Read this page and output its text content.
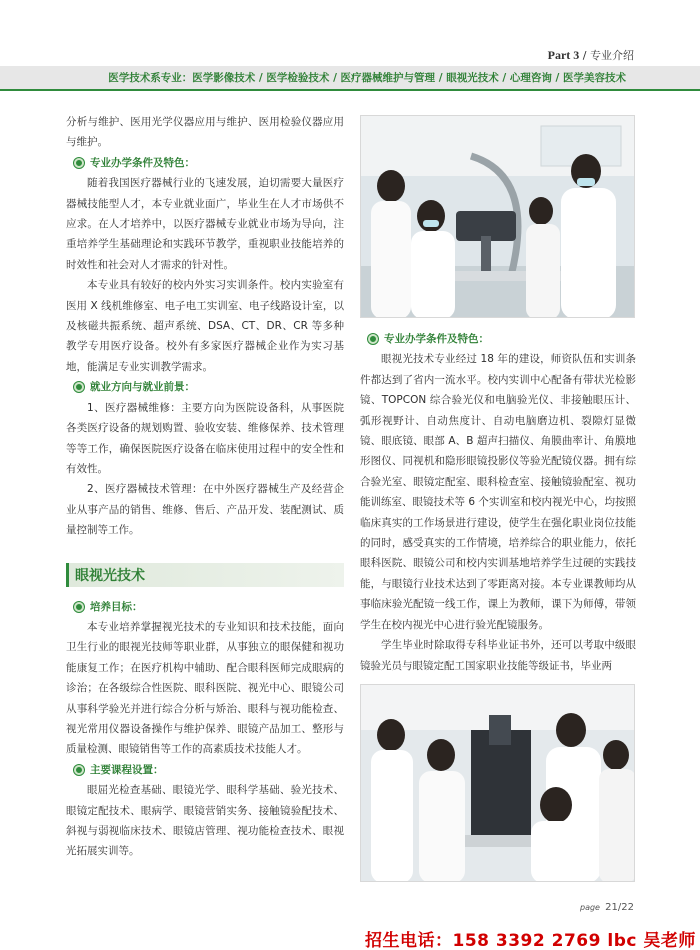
Part 3 / 专业介绍
医学技术系专业：医学影像技术 / 医学检验技术 / 医疗器械维护与管理 / 眼视光技术 / 心理咨询 / 医学美容技术

分析与维护、医用光学仪器应用与维护、医用检验仪器应用与维护。

专业办学条件及特色：

随着我国医疗器械行业的飞速发展，迫切需要大量医疗器械技能型人才，本专业就业面广，毕业生在人才市场供不应求。在人才培养中，以医疗器械专业就业市场为导向，注重培养学生基础理论和实践环节教学，重视职业技能培养的时效性和社会对人才需求的针对性。

本专业具有较好的校内外实习实训条件。校内实验室有医用 X 线机维修室、电子电工实训室、电子线路设计室，以及核磁共振系统、超声系统、DSA、CT、DR、CR 等多种教学专用医疗设备。校外有多家医疗器械企业作为实习基地，能满足专业实训教学需求。

就业方向与就业前景：

1、医疗器械维修：主要方向为医院设备科，从事医院各类医疗设备的规划购置、验收安装、维修保养、技术管理等等工作，确保医院医疗设备在临床使用过程中的安全性和有效性。

2、医疗器械技术管理：在中外医疗器械生产及经营企业从事产品的销售、维修、售后、产品开发、装配测试、质量控制等工作。

眼视光技术
培养目标：

本专业培养掌握视光技术的专业知识和技术技能，面向卫生行业的眼视光技师等职业群，从事独立的眼保健和视功能康复工作；在医疗机构中辅助、配合眼科医师完成眼病的诊治；在各级综合性医院、眼科医院、视光中心、眼镜公司从事科学验光并进行综合分析与矫治、眼科与视功能检查、视光常用仪器设备操作与维护保养、眼镜产品加工、整形与质量检测、眼镜销售等工作的高素质技术技能人才。

主要课程设置：

眼屈光检查基础、眼镜光学、眼科学基础、验光技术、眼镜定配技术、眼病学、眼镜营销实务、接触镜验配技术、斜视与弱视临床技术、眼镜店管理、视功能检查技术、眼视光拓展实训等。

专业办学条件及特色：

眼视光技术专业经过 18 年的建设，师资队伍和实训条件都达到了省内一流水平。校内实训中心配备有带状光检影镜、TOPCON 综合验光仪和电脑验光仪、非接触眼压计、弧形视野计、自动焦度计、自动电脑磨边机、裂隙灯显微镜、眼底镜、眼部 A、B 超声扫描仪、角膜曲率计、角膜地形图仪、同视机和隐形眼镜投影仪等验光配镜仪器。拥有综合验光室、眼镜定配室、眼科检查室、接触镜验配室、视功能训练室、眼镜技术等 6 个实训室和校内视光中心，均按照临床真实的工作场景进行建设，使学生在强化职业岗位技能的同时，感受真实的工作情境，培养综合的职业能力，依托眼科医院、眼镜公司和校内实训基地培养学生过硬的实践技能，与眼镜行业技术达到了零距离对接。本专业课教师均从事临床验光配镜一线工作，课上为教师，课下为师傅，带领学生在校内视光中心进行验光配镜服务。

学生毕业时除取得专科毕业证书外，还可以考取中级眼镜验光员与眼镜定配工国家职业技能等级证书，毕业两

page 21/22
招生电话：158 3392 2769 lbc 吴老师
